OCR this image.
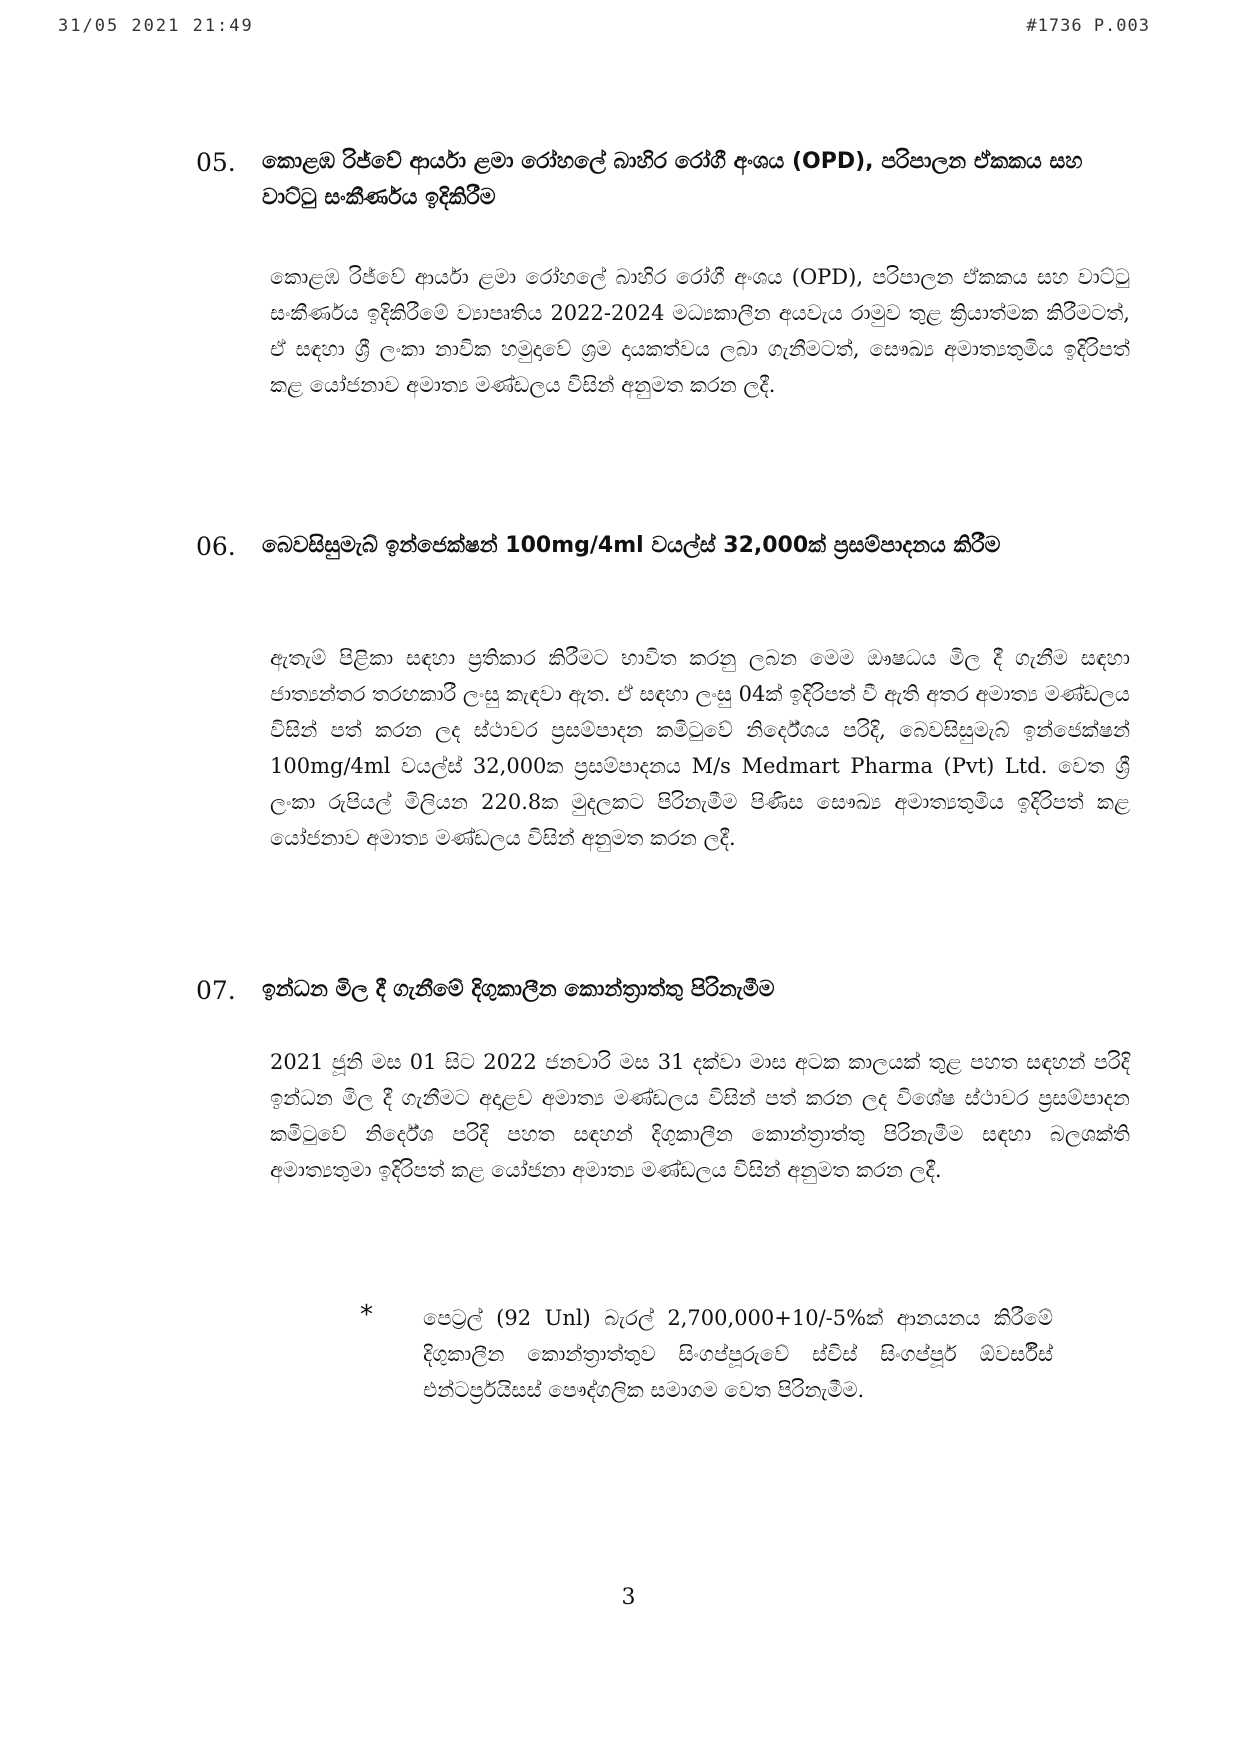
31/05 2021 21:49	#1736 P.003
05. කොළඹ රිජ්වේ ආර්යා ළමා රෝහලේ බාහිර රෝගී අංශය (OPD), පරිපාලන ඒකකය සහ වාට්ටු සංකීර්ණය ඉදිකිරීම
කොළඹ රිජ්වේ ආර්යා ළමා රෝහලේ බාහිර රෝගී අංශය (OPD), පරිපාලන ඒකකය සහ වාට්ටු සංකීර්ණය ඉදිකිරීමේ ව්‍යාපෘතිය 2022-2024 මධ්‍යකාලීන අයවැය රාමුව තුළ ක්‍රියාත්මක කිරීමටත්, ඒ සඳහා ශ්‍රී ලංකා නාවික හමුදාවේ ශ්‍රම දායකත්වය ලබා ගැනීමටත්, සෞඛ්‍ය අමාත්‍යතුමිය ඉදිරිපත් කළ යෝජනාව අමාත්‍ය මණ්ඩලය විසින් අනුමත කරන ලදී.
06. බෙවසිසුමැබ් ඉන්ජෙක්ෂන් 100mg/4ml වයල්ස් 32,000ක් ප්‍රසම්පාදනය කිරීම
ඇතැම් පිළිකා සඳහා ප්‍රතිකාර කිරීමට භාවිත කරනු ලබන මෙම ඖෂධය මිල දී ගැනීම සඳහා ජාත්‍යන්තර තරඟකාරී ලංසු කැඳවා ඇත. ඒ සඳහා ලංසු 04ක් ඉදිරිපත් වී ඇති අතර අමාත්‍ය මණ්ඩලය විසින් පත් කරන ලද ස්ථාවර ප්‍රසම්පාදන කමිටුවේ නිර්දේශය පරිදි, බෙවසිසුමැබ් ඉන්ජෙක්ෂන් 100mg/4ml වයල්ස් 32,000ක ප්‍රසම්පාදනය M/s Medmart Pharma (Pvt) Ltd. වෙත ශ්‍රී ලංකා රුපියල් මිලියන 220.8ක මුදලකට පිරිනැමීම පිණිස සෞඛ්‍ය අමාත්‍යතුමිය ඉදිරිපත් කළ යෝජනාව අමාත්‍ය මණ්ඩලය විසින් අනුමත කරන ලදී.
07. ඉන්ධන මිල දී ගැනීමේ දිගුකාලීන කොන්ත්‍රාත්තු පිරිනැමීම
2021 ජූනි මස 01 සිට 2022 ජනවාරි මස 31 දක්වා මාස අටක කාලයක් තුළ පහත සඳහන් පරිදි ඉන්ධන මිල දී ගැනීමට අදාළව අමාත්‍ය මණ්ඩලය විසින් පත් කරන ලද විශේෂ ස්ථාවර ප්‍රසම්පාදන කමිටුවේ නිර්දේශ පරිදි පහත සඳහන් දිගුකාලීන කොන්ත්‍රාත්තු පිරිනැමීම සඳහා බලශක්ති අමාත්‍යතුමා ඉදිරිපත් කළ යෝජනා අමාත්‍ය මණ්ඩලය විසින් අනුමත කරන ලදී.
* පෙට්‍රල් (92 Unl) බැරල් 2,700,000+10/-5%ක් ආනයනය කිරීමේ දිගුකාලීන කොන්ත්‍රාත්තුව සිංගප්පූරුවේ ස්විස් සිංගප්පූර් ඕවර්සීස් එන්ටර්ප්‍රයිසස් පෞද්ගලික සමාගම වෙත පිරිනැමීම.
3
